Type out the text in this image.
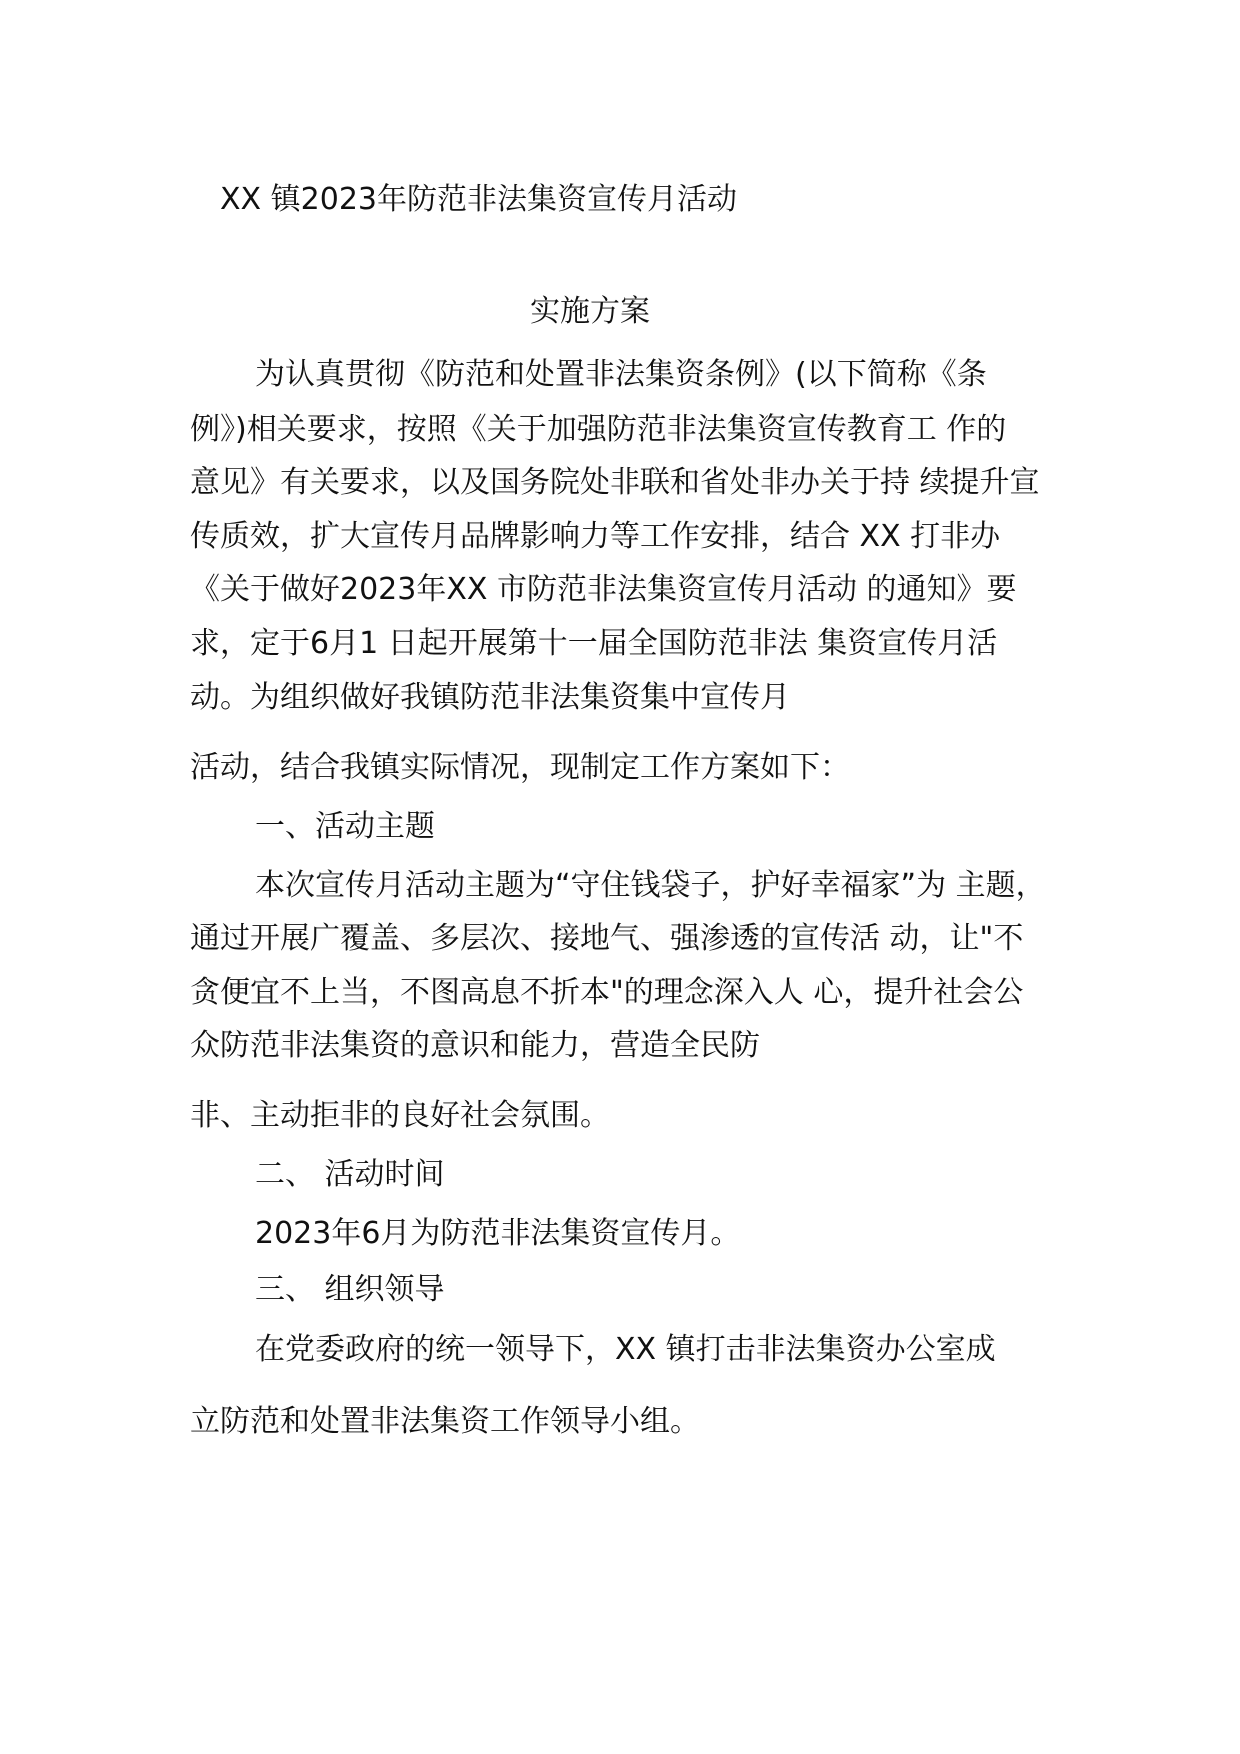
XX 镇2023年防范非法集资宣传月活动
实施方案
为认真贯彻《防范和处置非法集资条例》(以下简称《条
例》)相关要求，按照《关于加强防范非法集资宣传教育工 作的
意见》有关要求，以及国务院处非联和省处非办关于持 续提升宣
传质效，扩大宣传月品牌影响力等工作安排，结合 XX 打非办
《关于做好2023年XX 市防范非法集资宣传月活动 的通知》要
求，定于6月1 日起开展第十一届全国防范非法 集资宣传月活
动。为组织做好我镇防范非法集资集中宣传月
活动，结合我镇实际情况，现制定工作方案如下：
一、活动主题
本次宣传月活动主题为“守住钱袋子，护好幸福家”为 主题，
通过开展广覆盖、多层次、接地气、强渗透的宣传活 动，让"不
贪便宜不上当，不图高息不折本"的理念深入人 心，提升社会公
众防范非法集资的意识和能力，营造全民防
非、主动拒非的良好社会氛围。
二、 活动时间
2023年6月为防范非法集资宣传月。
三、 组织领导
在党委政府的统一领导下，XX 镇打击非法集资办公室成
立防范和处置非法集资工作领导小组。
